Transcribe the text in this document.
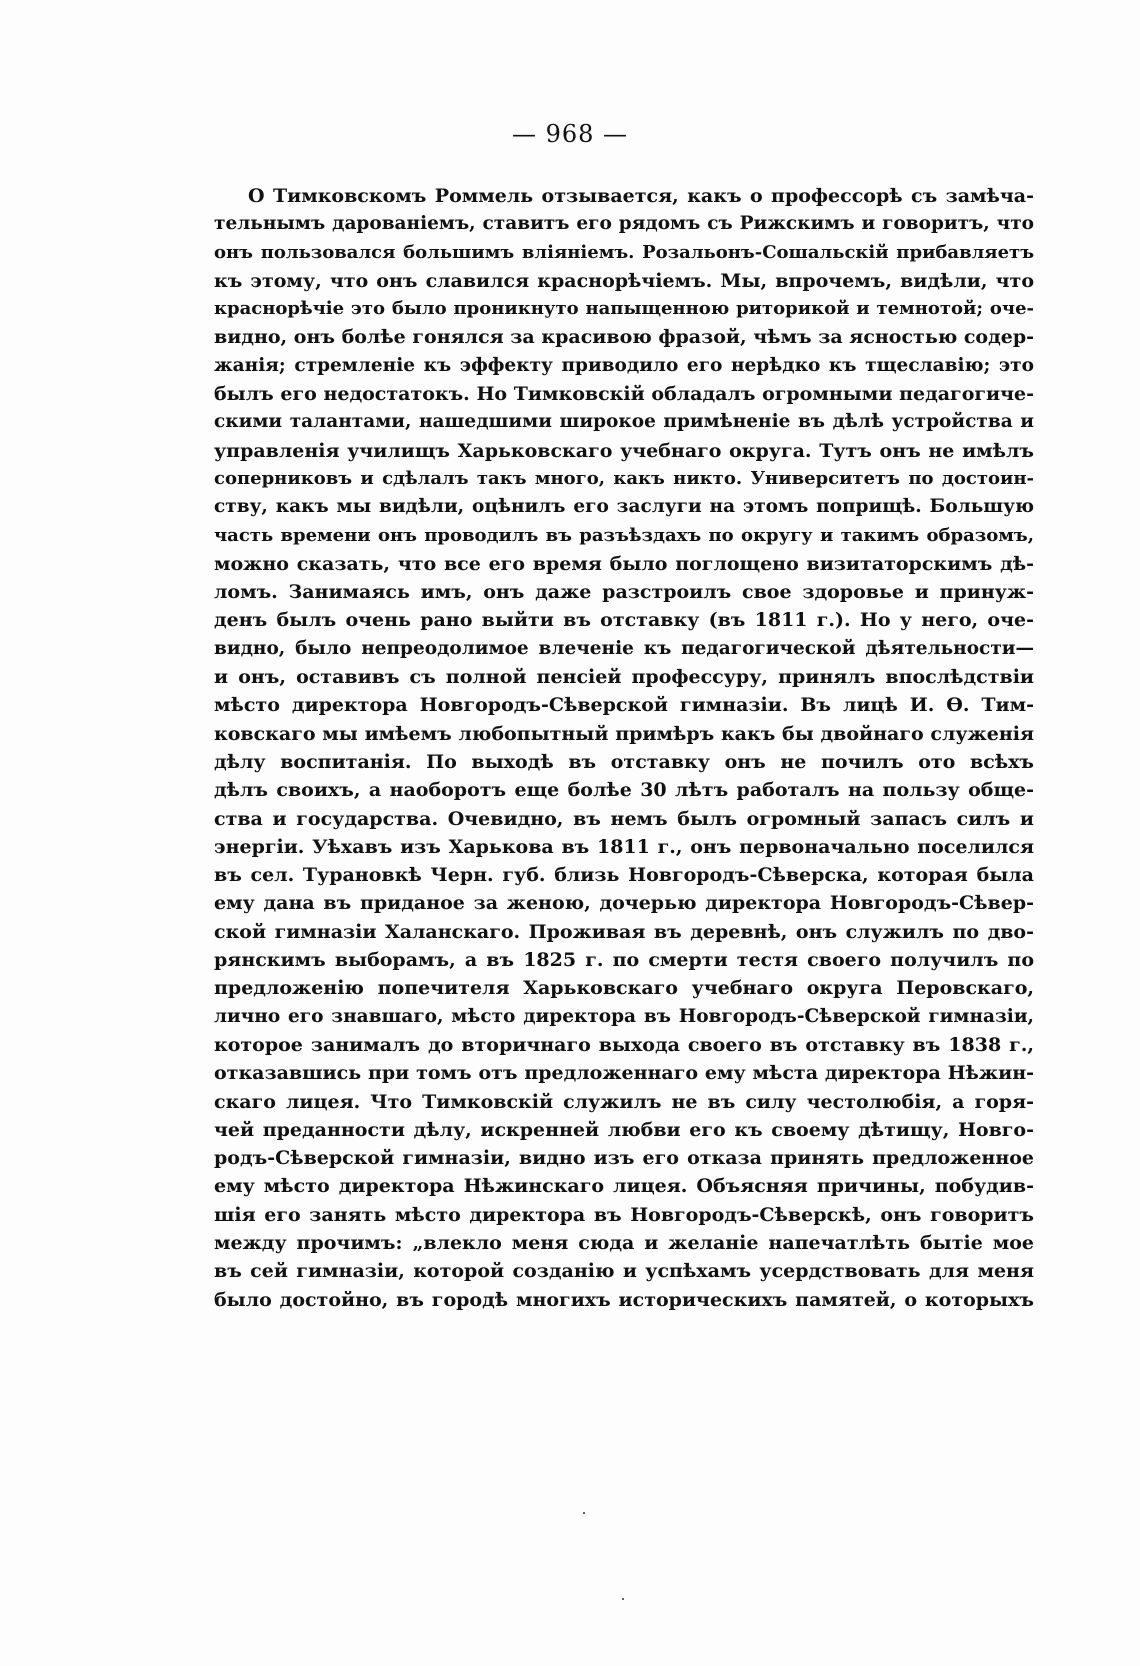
— 968 —
О Тимковскомъ Роммель отзывается, какъ о профессорѣ съ замѣча-
тельнымъ дарованіемъ, ставитъ его рядомъ съ Рижскимъ и говоритъ, что
онъ пользовался большимъ вліяніемъ. Розальонъ-Сошальскій прибавляетъ
къ этому, что онъ славился краснорѣчіемъ. Мы, впрочемъ, видѣли, что
краснорѣчіе это было проникнуто напыщенною риторикой и темнотой; оче-
видно, онъ болѣе гонялся за красивою фразой, чѣмъ за ясностью содер-
жанія; стремленіе къ эффекту приводило его нерѣдко къ тщеславію; это
былъ его недостатокъ. Но Тимковскій обладалъ огромными педагогиче-
скими талантами, нашедшими широкое примѣненіе въ дѣлѣ устройства и
управленія училищъ Харьковскаго учебнаго округа. Тутъ онъ не имѣлъ
соперниковъ и сдѣлалъ такъ много, какъ никто. Университетъ по достоин-
ству, какъ мы видѣли, оцѣнилъ его заслуги на этомъ поприщѣ. Большую
часть времени онъ проводилъ въ разъѣздахъ по округу и такимъ образомъ,
можно сказать, что все его время было поглощено визитаторскимъ дѣ-
ломъ. Занимаясь имъ, онъ даже разстроилъ свое здоровье и принуж-
денъ былъ очень рано выйти въ отставку (въ 1811 г.). Но у него, оче-
видно, было непреодолимое влеченіе къ педагогической дѣятельности—
и онъ, оставивъ съ полной пенсіей профессуру, принялъ впослѣдствіи
мѣсто директора Новгородъ-Сѣверской гимназіи. Въ лицѣ И. Ѳ. Тим-
ковскаго мы имѣемъ любопытный примѣръ какъ бы двойнаго служенія
дѣлу воспитанія. По выходѣ въ отставку онъ не почилъ ото всѣхъ
дѣлъ своихъ, а наоборотъ еще болѣе 30 лѣтъ работалъ на пользу обще-
ства и государства. Очевидно, въ немъ былъ огромный запасъ силъ и
энергіи. Уѣхавъ изъ Харькова въ 1811 г., онъ первоначально поселился
въ сел. Турановкѣ Черн. губ. близь Новгородъ-Сѣверска, которая была
ему дана въ приданое за женою, дочерью директора Новгородъ-Сѣвер-
ской гимназіи Халанскаго. Проживая въ деревнѣ, онъ служилъ по дво-
рянскимъ выборамъ, а въ 1825 г. по смерти тестя своего получилъ по
предложенію попечителя Харьковскаго учебнаго округа Перовскаго,
лично его знавшаго, мѣсто директора въ Новгородъ-Сѣверской гимназіи,
которое занималъ до вторичнаго выхода своего въ отставку въ 1838 г.,
отказавшись при томъ отъ предложеннаго ему мѣста директора Нѣжин-
скаго лицея. Что Тимковскій служилъ не въ силу честолюбія, а горя-
чей преданности дѣлу, искренней любви его къ своему дѣтищу, Новго-
родъ-Сѣверской гимназіи, видно изъ его отказа принять предложенное
ему мѣсто директора Нѣжинскаго лицея. Объясняя причины, побудив-
шія его занять мѣсто директора въ Новгородъ-Сѣверскѣ, онъ говоритъ
между прочимъ: „влекло меня сюда и желаніе напечатлѣть бытіе мое
въ сей гимназіи, которой созданію и успѣхамъ усердствовать для меня
было достойно, въ городѣ многихъ историческихъ памятей, о которыхъ
